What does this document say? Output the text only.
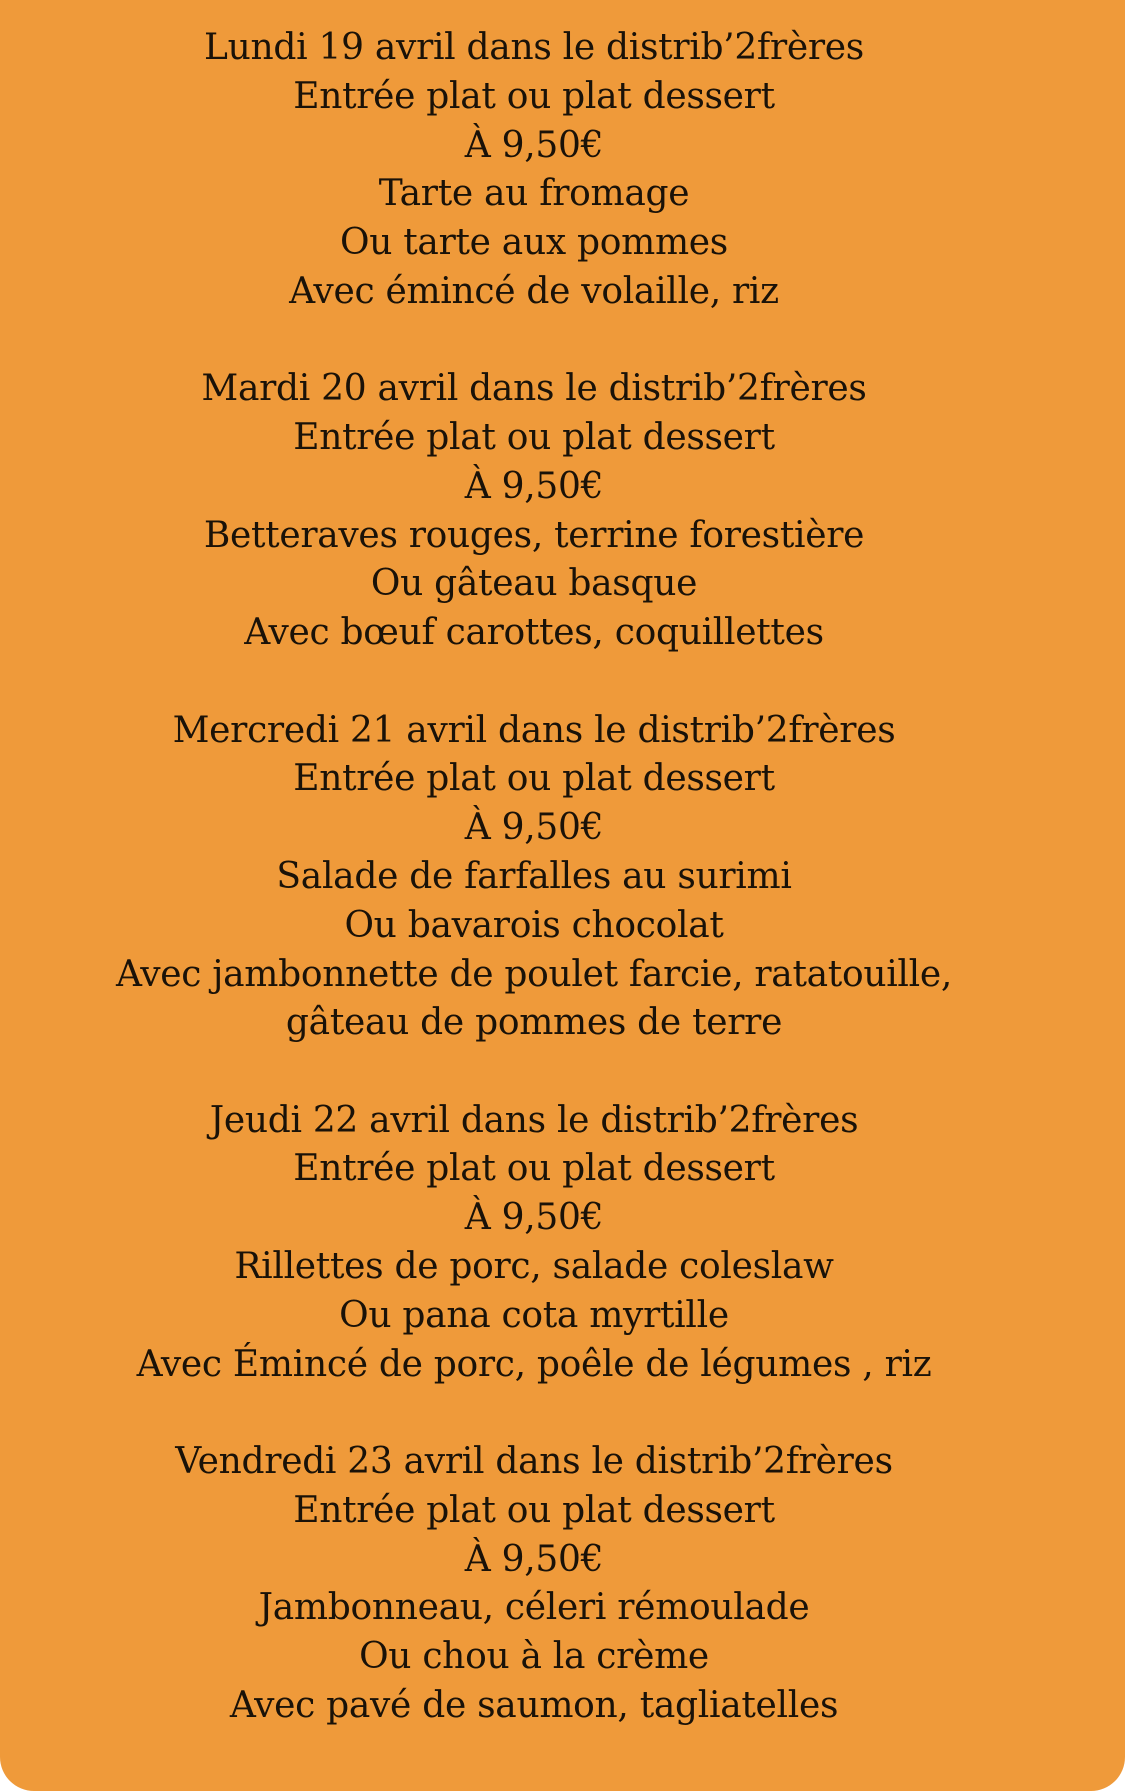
Lundi 19 avril dans le distrib’2frères
Entrée plat ou plat dessert
À 9,50€
Tarte au fromage
Ou tarte aux pommes
Avec émincé de volaille, riz
Mardi 20 avril dans le distrib’2frères
Entrée plat ou plat dessert
À 9,50€
Betteraves rouges, terrine forestière
Ou gâteau basque
Avec bœuf carottes, coquillettes
Mercredi 21 avril dans le distrib’2frères
Entrée plat ou plat dessert
À 9,50€
Salade de farfalles au surimi
Ou bavarois chocolat
Avec jambonnette de poulet farcie, ratatouille,
gâteau de pommes de terre
Jeudi 22 avril dans le distrib’2frères
Entrée plat ou plat dessert
À 9,50€
Rillettes de porc, salade coleslaw
Ou pana cota myrtille
Avec Émincé de porc, poêle de légumes , riz
Vendredi 23 avril dans le distrib’2frères
Entrée plat ou plat dessert
À 9,50€
Jambonneau, céleri rémoulade
Ou chou à la crème
Avec pavé de saumon, tagliatelles
